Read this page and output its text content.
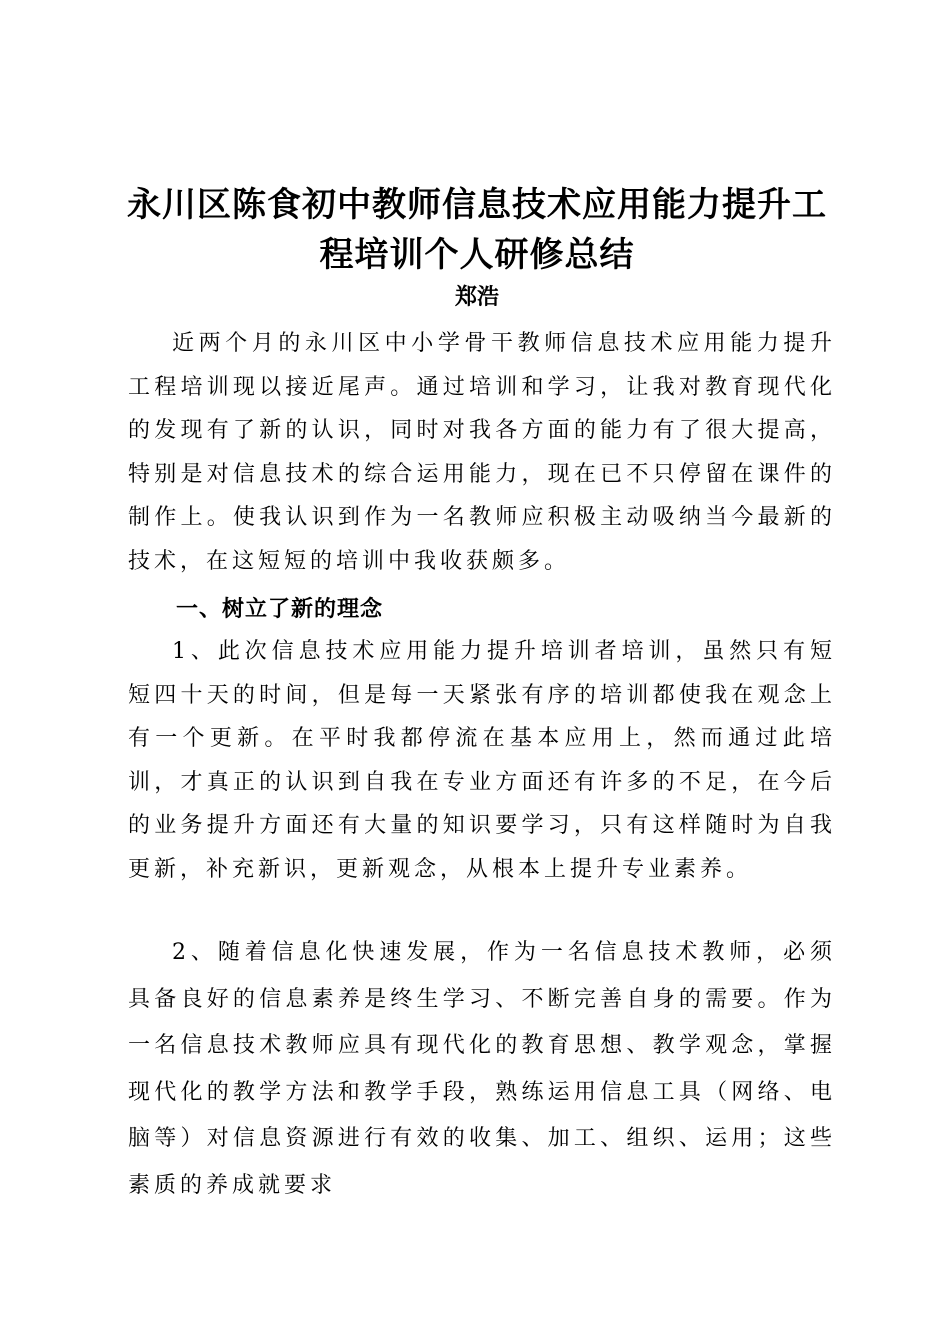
永川区陈食初中教师信息技术应用能力提升工程培训个人研修总结
郑浩

近两个月的永川区中小学骨干教师信息技术应用能力提升工程培训现以接近尾声。通过培训和学习，让我对教育现代化的发现有了新的认识，同时对我各方面的能力有了很大提高，特别是对信息技术的综合运用能力，现在已不只停留在课件的制作上。使我认识到作为一名教师应积极主动吸纳当今最新的技术，在这短短的培训中我收获颇多。

一、树立了新的理念

1、此次信息技术应用能力提升培训者培训，虽然只有短短四十天的时间，但是每一天紧张有序的培训都使我在观念上有一个更新。在平时我都停流在基本应用上，然而通过此培训，才真正的认识到自我在专业方面还有许多的不足，在今后的业务提升方面还有大量的知识要学习，只有这样随时为自我更新，补充新识，更新观念，从根本上提升专业素养。

2、随着信息化快速发展，作为一名信息技术教师，必须具备良好的信息素养是终生学习、不断完善自身的需要。作为一名信息技术教师应具有现代化的教育思想、教学观念，掌握现代化的教学方法和教学手段，熟练运用信息工具（网络、电脑等）对信息资源进行有效的收集、加工、组织、运用；这些素质的养成就要求
